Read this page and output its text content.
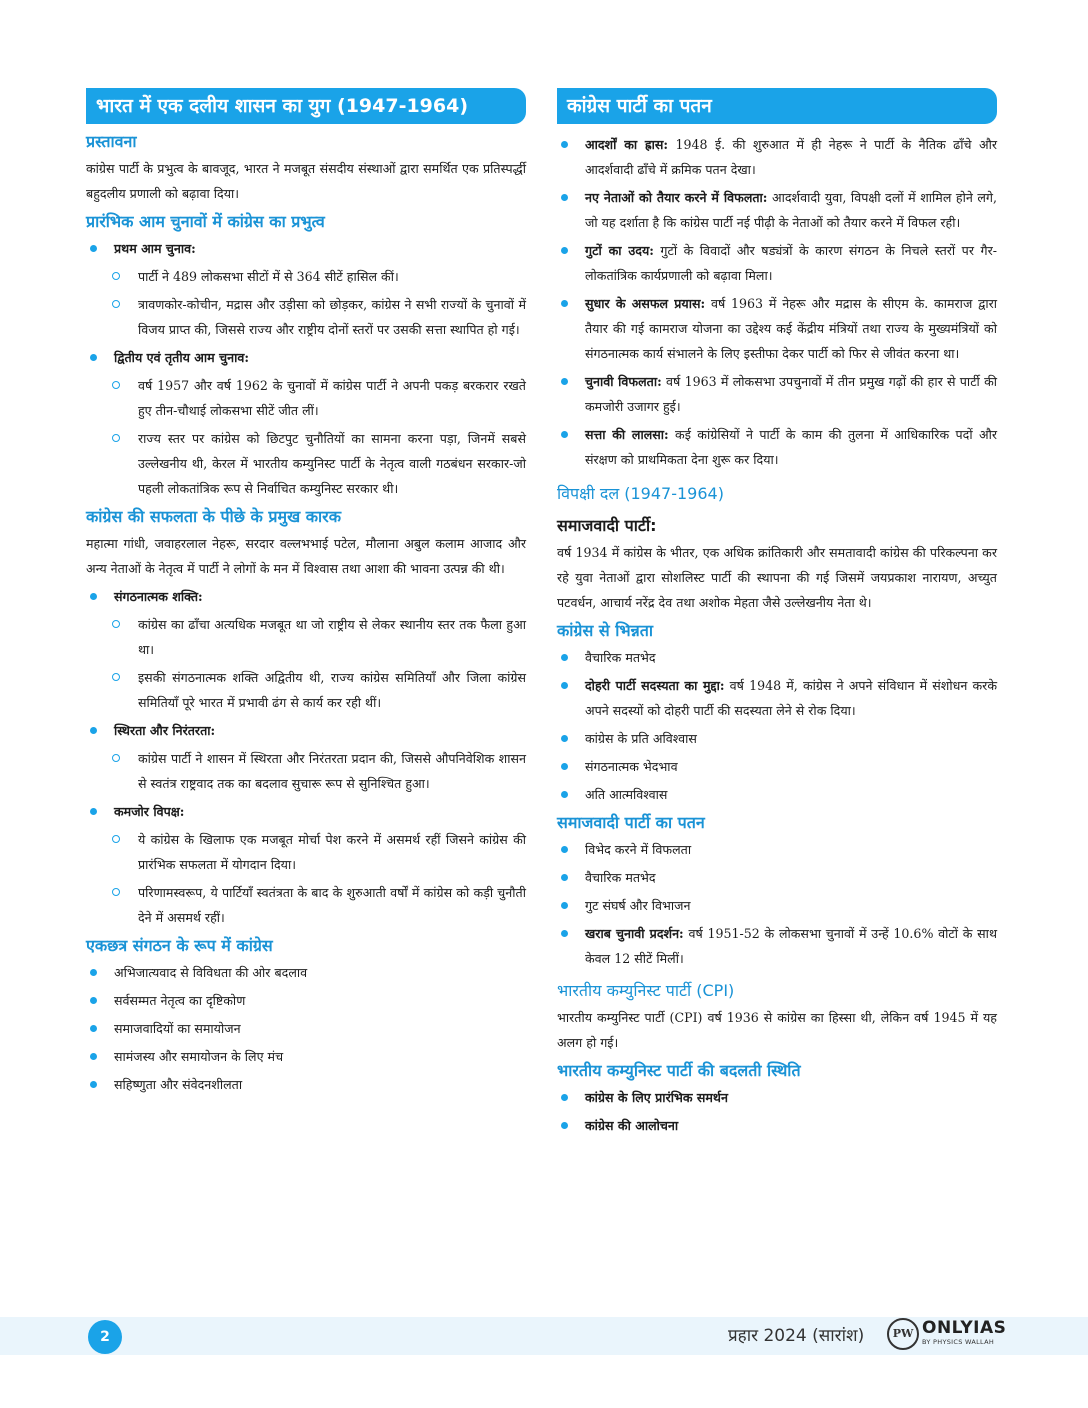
भारत में एक दलीय शासन का युग (1947-1964)
प्रस्तावना

कांग्रेस पार्टी के प्रभुत्व के बावजूद, भारत ने मजबूत संसदीय संस्थाओं द्वारा समर्थित एक प्रतिस्पर्द्धी बहुदलीय प्रणाली को बढ़ावा दिया।

प्रारंभिक आम चुनावों में कांग्रेस का प्रभुत्व
प्रथम आम चुनाव:
पार्टी ने 489 लोकसभा सीटों में से 364 सीटें हासिल कीं।
त्रावणकोर-कोचीन, मद्रास और उड़ीसा को छोड़कर, कांग्रेस ने सभी राज्यों के चुनावों में विजय प्राप्त की, जिससे राज्य और राष्ट्रीय दोनों स्तरों पर उसकी सत्ता स्थापित हो गई।
द्वितीय एवं तृतीय आम चुनाव:
वर्ष 1957 और वर्ष 1962 के चुनावों में कांग्रेस पार्टी ने अपनी पकड़ बरकरार रखते हुए तीन-चौथाई लोकसभा सीटें जीत लीं।
राज्य स्तर पर कांग्रेस को छिटपुट चुनौतियों का सामना करना पड़ा, जिनमें सबसे उल्लेखनीय थी, केरल में भारतीय कम्युनिस्ट पार्टी के नेतृत्व वाली गठबंधन सरकार-जो पहली लोकतांत्रिक रूप से निर्वाचित कम्युनिस्ट सरकार थी।
कांग्रेस की सफलता के पीछे के प्रमुख कारक

महात्मा गांधी, जवाहरलाल नेहरू, सरदार वल्लभभाई पटेल, मौलाना अबुल कलाम आजाद और अन्य नेताओं के नेतृत्व में पार्टी ने लोगों के मन में विश्वास तथा आशा की भावना उत्पन्न की थी।

संगठनात्मक शक्ति:
कांग्रेस का ढाँचा अत्यधिक मजबूत था जो राष्ट्रीय से लेकर स्थानीय स्तर तक फैला हुआ था।
इसकी संगठनात्मक शक्ति अद्वितीय थी, राज्य कांग्रेस समितियाँ और जिला कांग्रेस समितियाँ पूरे भारत में प्रभावी ढंग से कार्य कर रही थीं।
स्थिरता और निरंतरता:
कांग्रेस पार्टी ने शासन में स्थिरता और निरंतरता प्रदान की, जिससे औपनिवेशिक शासन से स्वतंत्र राष्ट्रवाद तक का बदलाव सुचारू रूप से सुनिश्चित हुआ।
कमजोर विपक्ष:
ये कांग्रेस के खिलाफ एक मजबूत मोर्चा पेश करने में असमर्थ रहीं जिसने कांग्रेस की प्रारंभिक सफलता में योगदान दिया।
परिणामस्वरूप, ये पार्टियाँ स्वतंत्रता के बाद के शुरुआती वर्षों में कांग्रेस को कड़ी चुनौती देने में असमर्थ रहीं।
एकछत्र संगठन के रूप में कांग्रेस
अभिजात्यवाद से विविधता की ओर बदलाव
सर्वसम्मत नेतृत्व का दृष्टिकोण
समाजवादियों का समायोजन
सामंजस्य और समायोजन के लिए मंच
सहिष्णुता और संवेदनशीलता
कांग्रेस पार्टी का पतन
आदर्शों का ह्रास: 1948 ई. की शुरुआत में ही नेहरू ने पार्टी के नैतिक ढाँचे और आदर्शवादी ढाँचे में क्रमिक पतन देखा।
नए नेताओं को तैयार करने में विफलता: आदर्शवादी युवा, विपक्षी दलों में शामिल होने लगे, जो यह दर्शाता है कि कांग्रेस पार्टी नई पीढ़ी के नेताओं को तैयार करने में विफल रही।
गुटों का उदय: गुटों के विवादों और षड्यंत्रों के कारण संगठन के निचले स्तरों पर गैर-लोकतांत्रिक कार्यप्रणाली को बढ़ावा मिला।
सुधार के असफल प्रयास: वर्ष 1963 में नेहरू और मद्रास के सीएम के. कामराज द्वारा तैयार की गई कामराज योजना का उद्देश्य कई केंद्रीय मंत्रियों तथा राज्य के मुख्यमंत्रियों को संगठनात्मक कार्य संभालने के लिए इस्तीफा देकर पार्टी को फिर से जीवंत करना था।
चुनावी विफलता: वर्ष 1963 में लोकसभा उपचुनावों में तीन प्रमुख गढ़ों की हार से पार्टी की कमजोरी उजागर हुई।
सत्ता की लालसा: कई कांग्रेसियों ने पार्टी के काम की तुलना में आधिकारिक पदों और संरक्षण को प्राथमिकता देना शुरू कर दिया।
विपक्षी दल (1947-1964)
समाजवादी पार्टी:

वर्ष 1934 में कांग्रेस के भीतर, एक अधिक क्रांतिकारी और समतावादी कांग्रेस की परिकल्पना कर रहे युवा नेताओं द्वारा सोशलिस्ट पार्टी की स्थापना की गई जिसमें जयप्रकाश नारायण, अच्युत पटवर्धन, आचार्य नरेंद्र देव तथा अशोक मेहता जैसे उल्लेखनीय नेता थे।

कांग्रेस से भिन्नता
वैचारिक मतभेद
दोहरी पार्टी सदस्यता का मुद्दा: वर्ष 1948 में, कांग्रेस ने अपने संविधान में संशोधन करके अपने सदस्यों को दोहरी पार्टी की सदस्यता लेने से रोक दिया।
कांग्रेस के प्रति अविश्वास
संगठनात्मक भेदभाव
अति आत्मविश्वास
समाजवादी पार्टी का पतन
विभेद करने में विफलता
वैचारिक मतभेद
गुट संघर्ष और विभाजन
खराब चुनावी प्रदर्शन: वर्ष 1951-52 के लोकसभा चुनावों में उन्हें 10.6% वोटों के साथ केवल 12 सीटें मिलीं।
भारतीय कम्युनिस्ट पार्टी (CPI)

भारतीय कम्युनिस्ट पार्टी (CPI) वर्ष 1936 से कांग्रेस का हिस्सा थी, लेकिन वर्ष 1945 में यह अलग हो गई।

भारतीय कम्युनिस्ट पार्टी की बदलती स्थिति
कांग्रेस के लिए प्रारंभिक समर्थन
कांग्रेस की आलोचना
2	प्रहार 2024 (सारांश)	PW ONLYIAS
BY PHYSICS WALLAH
